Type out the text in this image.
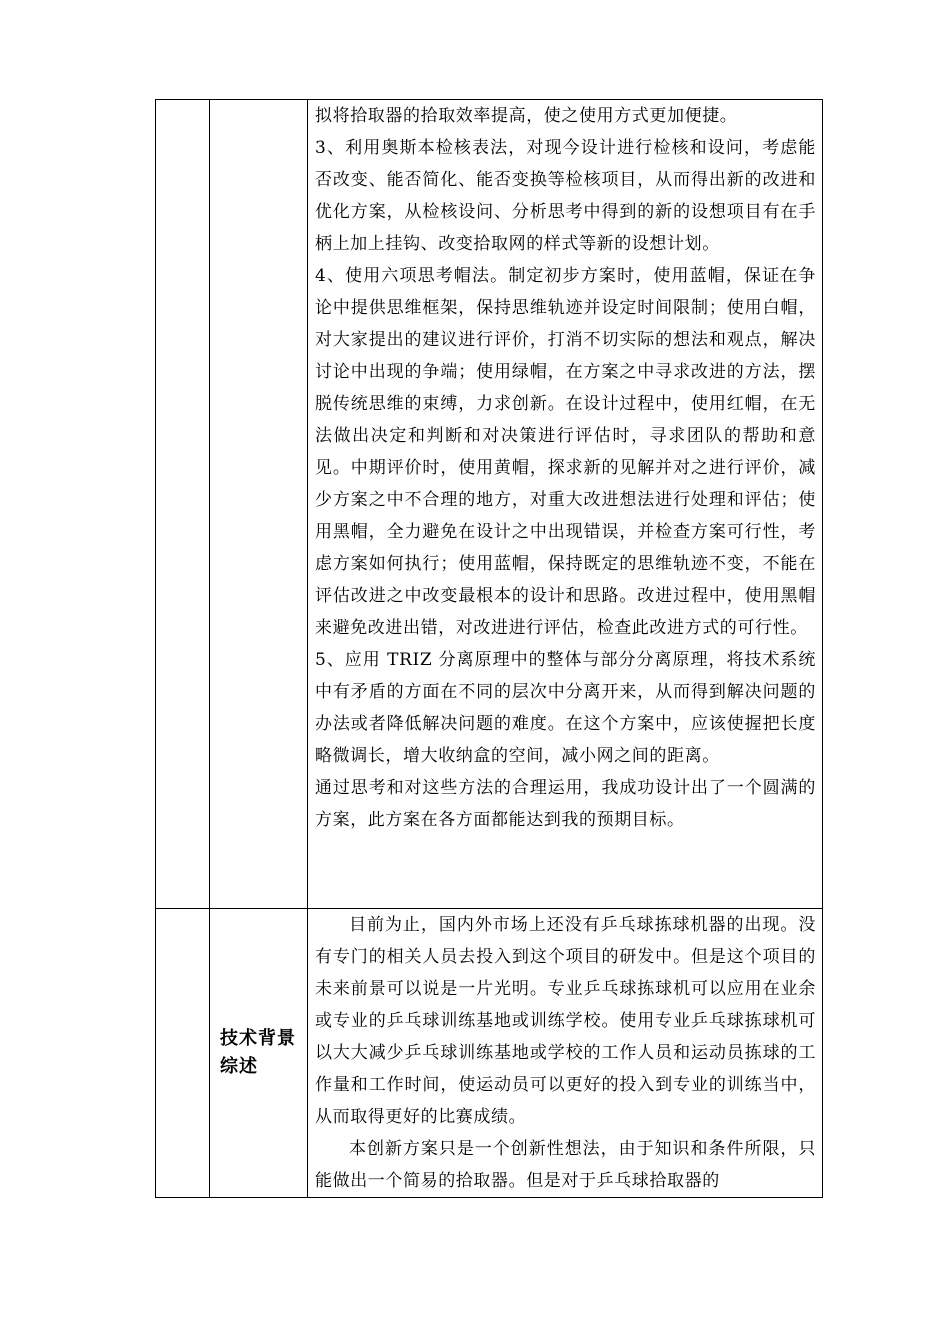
		拟将拾取器的拾取效率提高，使之使用方式更加便捷。

3、利用奥斯本检核表法，对现今设计进行检核和设问，考虑能否改变、能否简化、能否变换等检核项目，从而得出新的改进和优化方案，从检核设问、分析思考中得到的新的设想项目有在手柄上加上挂钩、改变拾取网的样式等新的设想计划。

4、使用六项思考帽法。制定初步方案时，使用蓝帽，保证在争论中提供思维框架，保持思维轨迹并设定时间限制；使用白帽，对大家提出的建议进行评价，打消不切实际的想法和观点，解决讨论中出现的争端；使用绿帽，在方案之中寻求改进的方法，摆脱传统思维的束缚，力求创新。在设计过程中，使用红帽，在无法做出决定和判断和对决策进行评估时，寻求团队的帮助和意见。中期评价时，使用黄帽，探求新的见解并对之进行评价，减少方案之中不合理的地方，对重大改进想法进行处理和评估；使用黑帽，全力避免在设计之中出现错误，并检查方案可行性，考虑方案如何执行；使用蓝帽，保持既定的思维轨迹不变，不能在评估改进之中改变最根本的设计和思路。改进过程中，使用黑帽来避免改进出错，对改进进行评估，检查此改进方式的可行性。

5、应用 TRIZ 分离原理中的整体与部分分离原理，将技术系统中有矛盾的方面在不同的层次中分离开来，从而得到解决问题的办法或者降低解决问题的难度。在这个方案中，应该使握把长度略微调长，增大收纳盒的空间，减小网之间的距离。

通过思考和对这些方法的合理运用，我成功设计出了一个圆满的方案，此方案在各方面都能达到我的预期目标。

	技术背景综述	目前为止，国内外市场上还没有乒乓球拣球机器的出现。没有专门的相关人员去投入到这个项目的研发中。但是这个项目的未来前景可以说是一片光明。专业乒乓球拣球机可以应用在业余或专业的乒乓球训练基地或训练学校。使用专业乒乓球拣球机可以大大减少乒乓球训练基地或学校的工作人员和运动员拣球的工作量和工作时间，使运动员可以更好的投入到专业的训练当中，从而取得更好的比赛成绩。

本创新方案只是一个创新性想法，由于知识和条件所限，只能做出一个简易的拾取器。但是对于乒乓球拾取器的
